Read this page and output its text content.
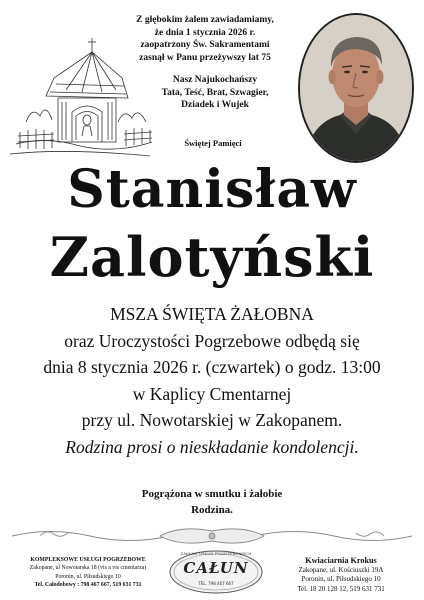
Z głębokim żalem zawiadamiamy,
że dnia 1 stycznia 2026 r.
zaopatrzony Św. Sakramentami
zasnął w Panu przeżywszy lat 75
Nasz Najukochańszy
Tata, Teść, Brat, Szwagier,
Dziadek i Wujek
Świętej Pamięci
Stanisław
Zalotyński
MSZA ŚWIĘTA ŻAŁOBNA
oraz Uroczystości Pogrzebowe odbędą się
dnia 8 stycznia 2026 r. (czwartek) o godz. 13:00
w Kaplicy Cmentarnej
przy ul. Nowotarskiej w Zakopanem.
Rodzina prosi o nieskładanie kondolencji.
Pogrążona w smutku i żałobie
Rodzina.
KOMPLEKSOWE USŁUGI POGRZEBOWE
Zakopane, ul Nowotarska 18 (vis a vis cmentarza)
Poronin, ul. Piłsudskiego 10
Tel. Całodobowy : 798 467 667, 519 631 731
ZAKŁAD USŁUG POGRZEBOWYCH
CAŁUN
TEL. 798 467 667
Kwiaciarnia Krokus
Zakopane, ul. Kościuszki 19A
Poronin, ul. Piłsudskiego 10
Tel. 18 20 128 12, 519 631 731
